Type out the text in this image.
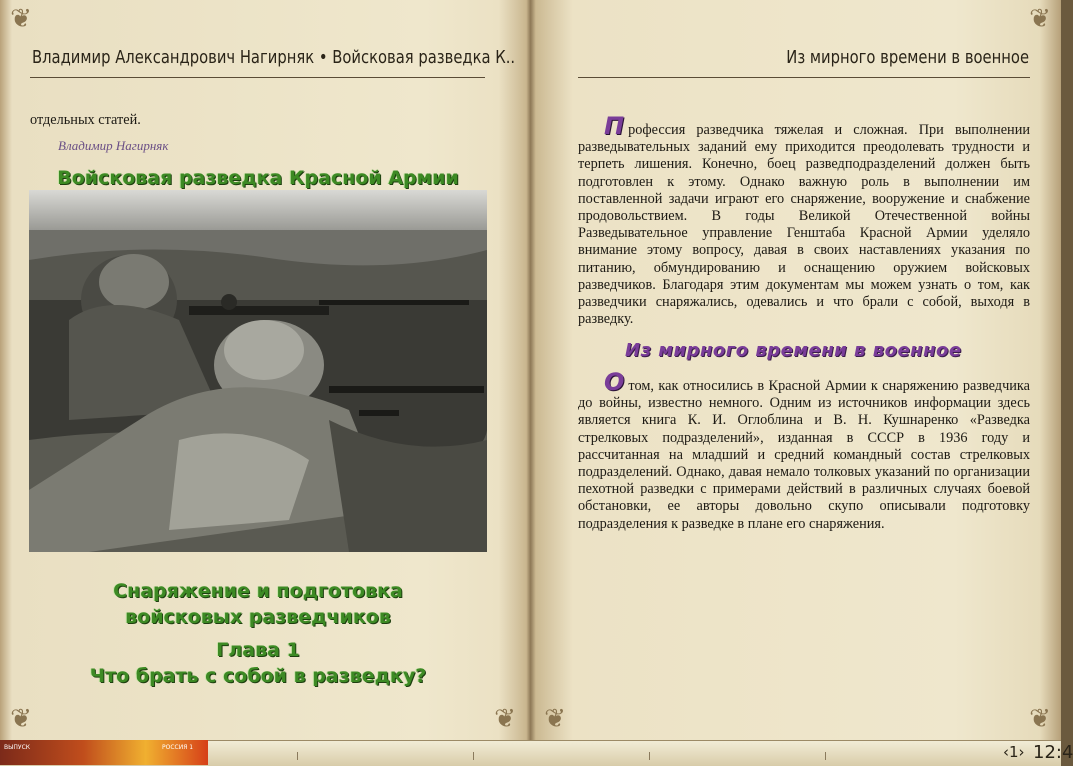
❦
❦	❦
Владимир Александрович Нагирняк • Войсковая разведка К..
отдельных статей.
Владимир Нагирняк
Войсковая разведка Красной Армии
Снаряжение и подготовка
войсковых разведчиков
Глава 1
Что брать с собой в разведку?
❦
❦	❦
Из мирного времени в военное
Профессия разведчика тяжелая и сложная. При выполнении разведывательных заданий ему приходится преодолевать трудности и терпеть лишения. Конечно, боец разведподразделений должен быть подготовлен к этому. Однако важную роль в выполнении им поставленной задачи играют его снаряжение, вооружение и снабжение продовольствием. В годы Великой Отечественной войны Разведывательное управление Генштаба Красной Армии уделяло внимание этому вопросу, давая в своих наставлениях указания по питанию, обмундированию и оснащению оружием войсковых разведчиков. Благодаря этим документам мы можем узнать о том, как разведчики снаряжались, одевались и что брали с собой, выходя в разведку.
Из мирного времени в военное
Отом, как относились в Красной Армии к снаряжению разведчика до войны, известно немного. Одним из источников информации здесь является книга К. И. Оглоблина и В. Н. Кушнаренко «Разведка стрелковых подразделений», изданная в СССР в 1936 году и рассчитанная на младший и средний командный состав стрелковых подразделений. Однако, давая немало толковых указаний по организации пехотной разведки с примерами действий в различных случаях боевой обстановки, ее авторы довольно скупо описывали подготовку подразделения к разведке в плане его снаряжения.
ВЫПУСК	РОССИЯ 1	‹1› 12:4
